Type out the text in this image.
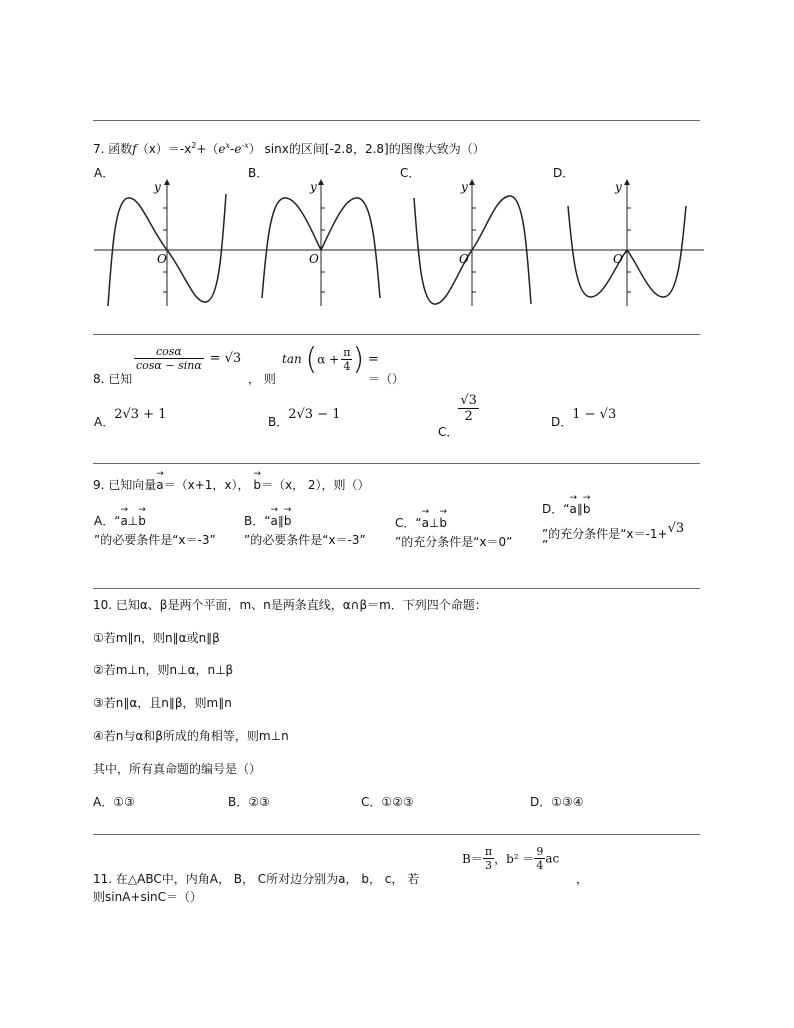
7. 函数$f(x)=-x^2+(e^x-e^{-x})$ sinx的区间[-2.8，2.8]的图像大致为（）
A．	B．	C．	D．
y
O
y
O
y
O
y
O
8. 已知
$\frac{\cos\alpha}{\cos\alpha - \sin\alpha} = √3$
， 则
$\tan (\alpha + \frac{\pi}{4}$ ) =
＝（）
A．2√3 + 1	B．2√3 − 1
C．
$\frac{√3}{2}$	D．1 − √3
9. 已知向量→ a＝（x+1，x）， → b＝（x， 2），则（）
A．“→ a⊥→ b
”的必要条件是“x＝-3”
B．“→ a∥→ b
”的必要条件是“x＝-3”
C．“→ a⊥→ b
”的充分条件是“x＝0”
D．“→ a∥→ b
”的充分条件是“x＝-1+√3
”
10. 已知α、β是两个平面，m、n是两条直线，α∩β＝m．下列四个命题：
①若m∥n，则n∥α或n∥β
②若m⊥n，则n⊥α，n⊥β
③若n∥α，且n∥β，则m∥n
④若n与α和β所成的角相等，则m⊥n
其中，所有真命题的编号是（）
A．①③	B．②③	C．①②③	D．①③④
11. 在△ABC中，内角A， B， C所对边分别为a， b， c， 若
$B= \frac{\pi}{3}$ ，$b^2 = \frac{9}{4}$ ac
，
则sinA+sinC＝（）
